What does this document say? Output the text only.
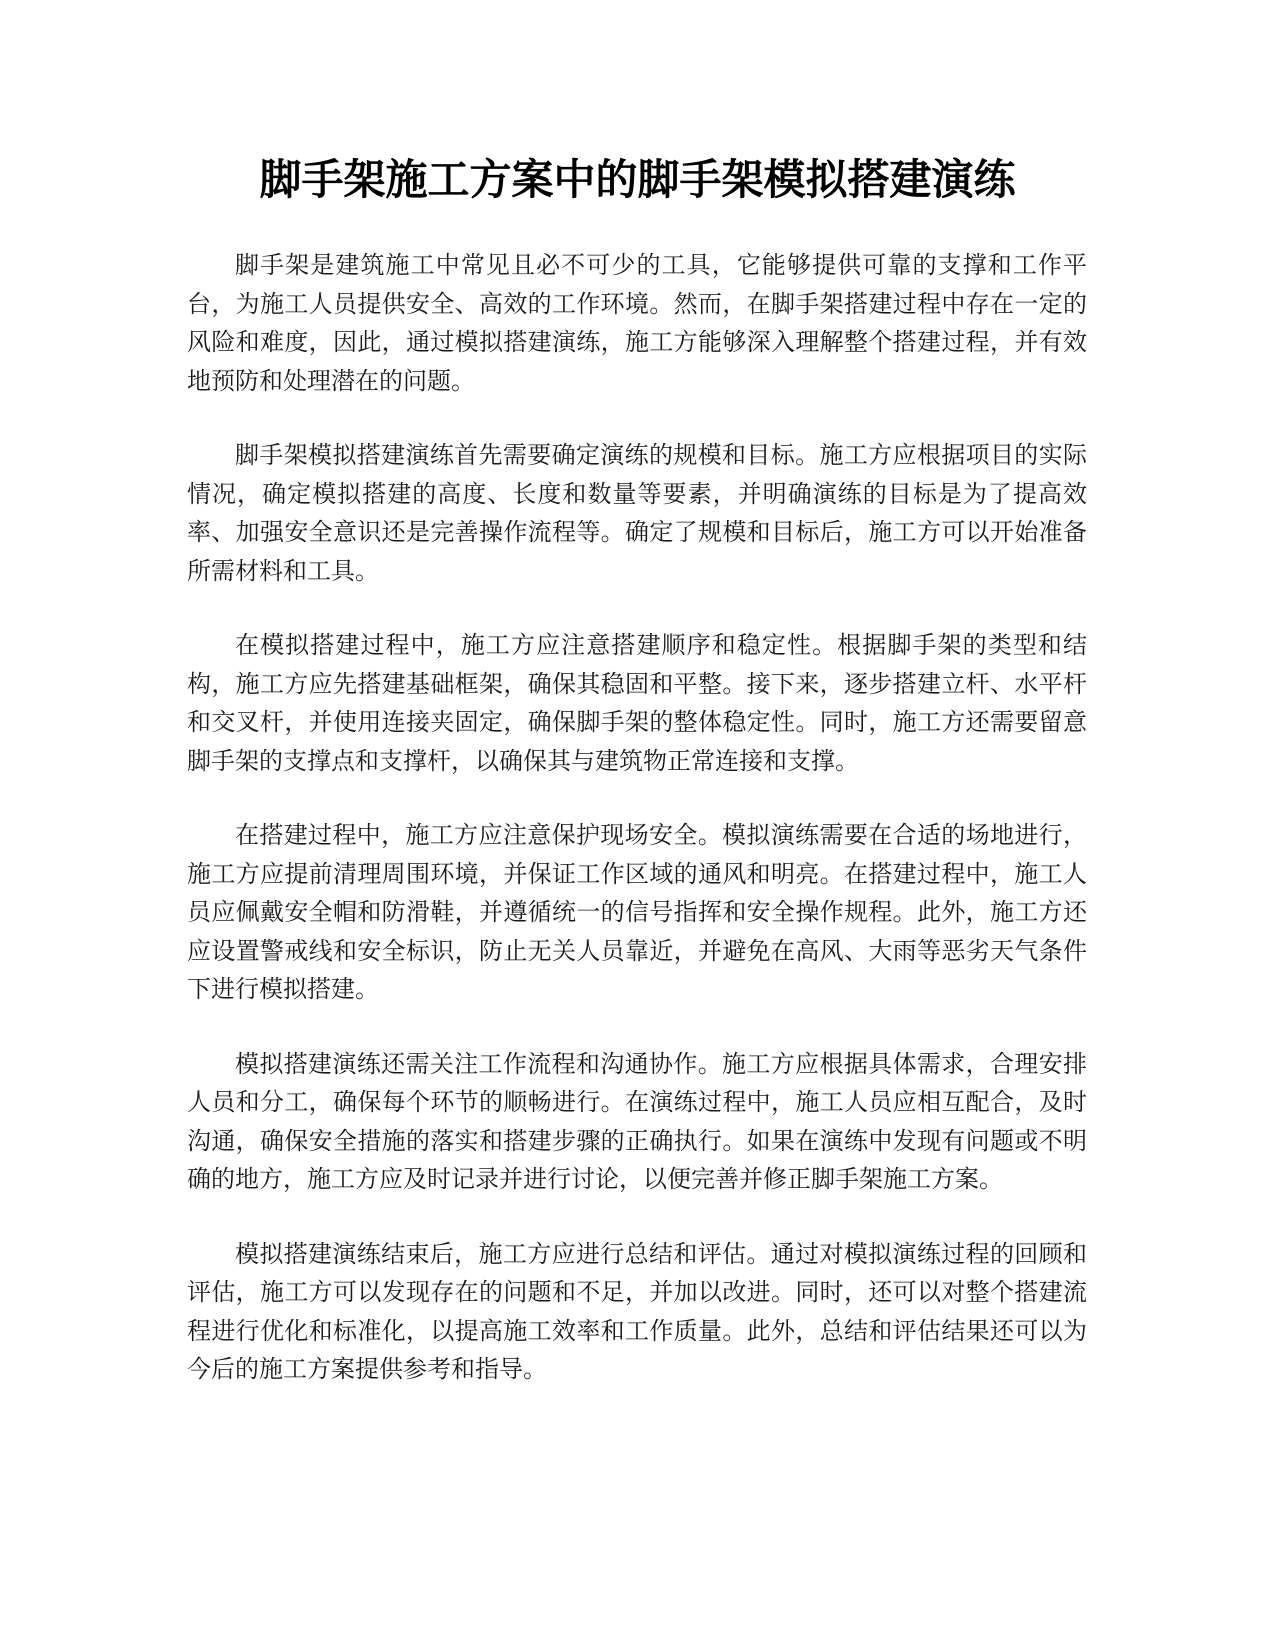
脚手架施工方案中的脚手架模拟搭建演练

脚手架是建筑施工中常见且必不可少的工具，它能够提供可靠的支撑和工作平台，为施工人员提供安全、高效的工作环境。然而，在脚手架搭建过程中存在一定的风险和难度，因此，通过模拟搭建演练，施工方能够深入理解整个搭建过程，并有效地预防和处理潜在的问题。

脚手架模拟搭建演练首先需要确定演练的规模和目标。施工方应根据项目的实际情况，确定模拟搭建的高度、长度和数量等要素，并明确演练的目标是为了提高效率、加强安全意识还是完善操作流程等。确定了规模和目标后，施工方可以开始准备所需材料和工具。

在模拟搭建过程中，施工方应注意搭建顺序和稳定性。根据脚手架的类型和结构，施工方应先搭建基础框架，确保其稳固和平整。接下来，逐步搭建立杆、水平杆和交叉杆，并使用连接夹固定，确保脚手架的整体稳定性。同时，施工方还需要留意脚手架的支撑点和支撑杆，以确保其与建筑物正常连接和支撑。

在搭建过程中，施工方应注意保护现场安全。模拟演练需要在合适的场地进行，施工方应提前清理周围环境，并保证工作区域的通风和明亮。在搭建过程中，施工人员应佩戴安全帽和防滑鞋，并遵循统一的信号指挥和安全操作规程。此外，施工方还应设置警戒线和安全标识，防止无关人员靠近，并避免在高风、大雨等恶劣天气条件下进行模拟搭建。

模拟搭建演练还需关注工作流程和沟通协作。施工方应根据具体需求，合理安排人员和分工，确保每个环节的顺畅进行。在演练过程中，施工人员应相互配合，及时沟通，确保安全措施的落实和搭建步骤的正确执行。如果在演练中发现有问题或不明确的地方，施工方应及时记录并进行讨论，以便完善并修正脚手架施工方案。

模拟搭建演练结束后，施工方应进行总结和评估。通过对模拟演练过程的回顾和评估，施工方可以发现存在的问题和不足，并加以改进。同时，还可以对整个搭建流程进行优化和标准化，以提高施工效率和工作质量。此外，总结和评估结果还可以为今后的施工方案提供参考和指导。
